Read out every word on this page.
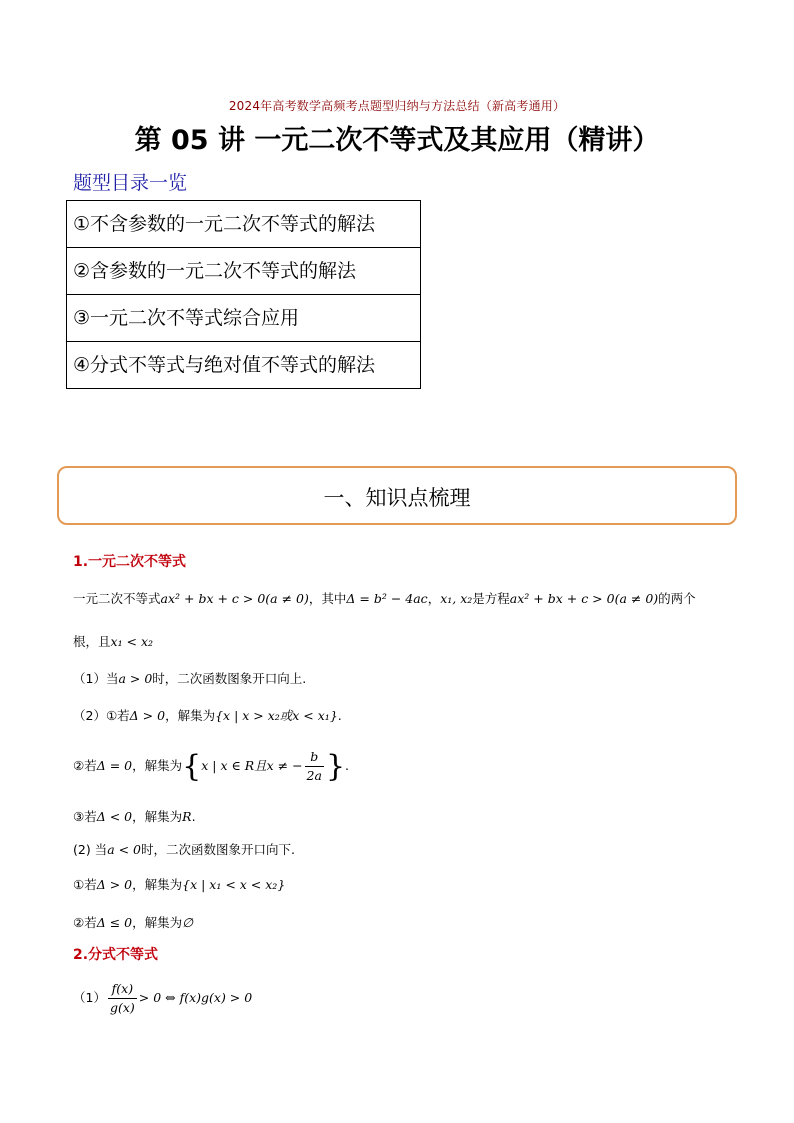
2024年高考数学高频考点题型归纳与方法总结（新高考通用）
第 05 讲 一元二次不等式及其应用（精讲）
题型目录一览
①不含参数的一元二次不等式的解法
②含参数的一元二次不等式的解法
③一元二次不等式综合应用
④分式不等式与绝对值不等式的解法
一、知识点梳理
1.一元二次不等式
一元二次不等式ax² + bx + c > 0(a ≠ 0)，其中Δ = b² − 4ac，x₁, x₂是方程ax² + bx + c > 0(a ≠ 0)的两个
根，且x₁ < x₂
（1）当a > 0时，二次函数图象开口向上.
（2）①若Δ > 0，解集为{x | x > x₂或x < x₁}.
②若Δ = 0，解集为{x | x ∈ R且x ≠ − $\frac{b}{2a}$ }.
③若Δ < 0，解集为R.
(2) 当a < 0时，二次函数图象开口向下.
①若Δ > 0，解集为{x | x₁ < x < x₂}
②若Δ ≤ 0，解集为∅
2.分式不等式
$(1) \frac{f(x)}{g(x)} > 0$ ⇔ f(x)g(x) > 0
